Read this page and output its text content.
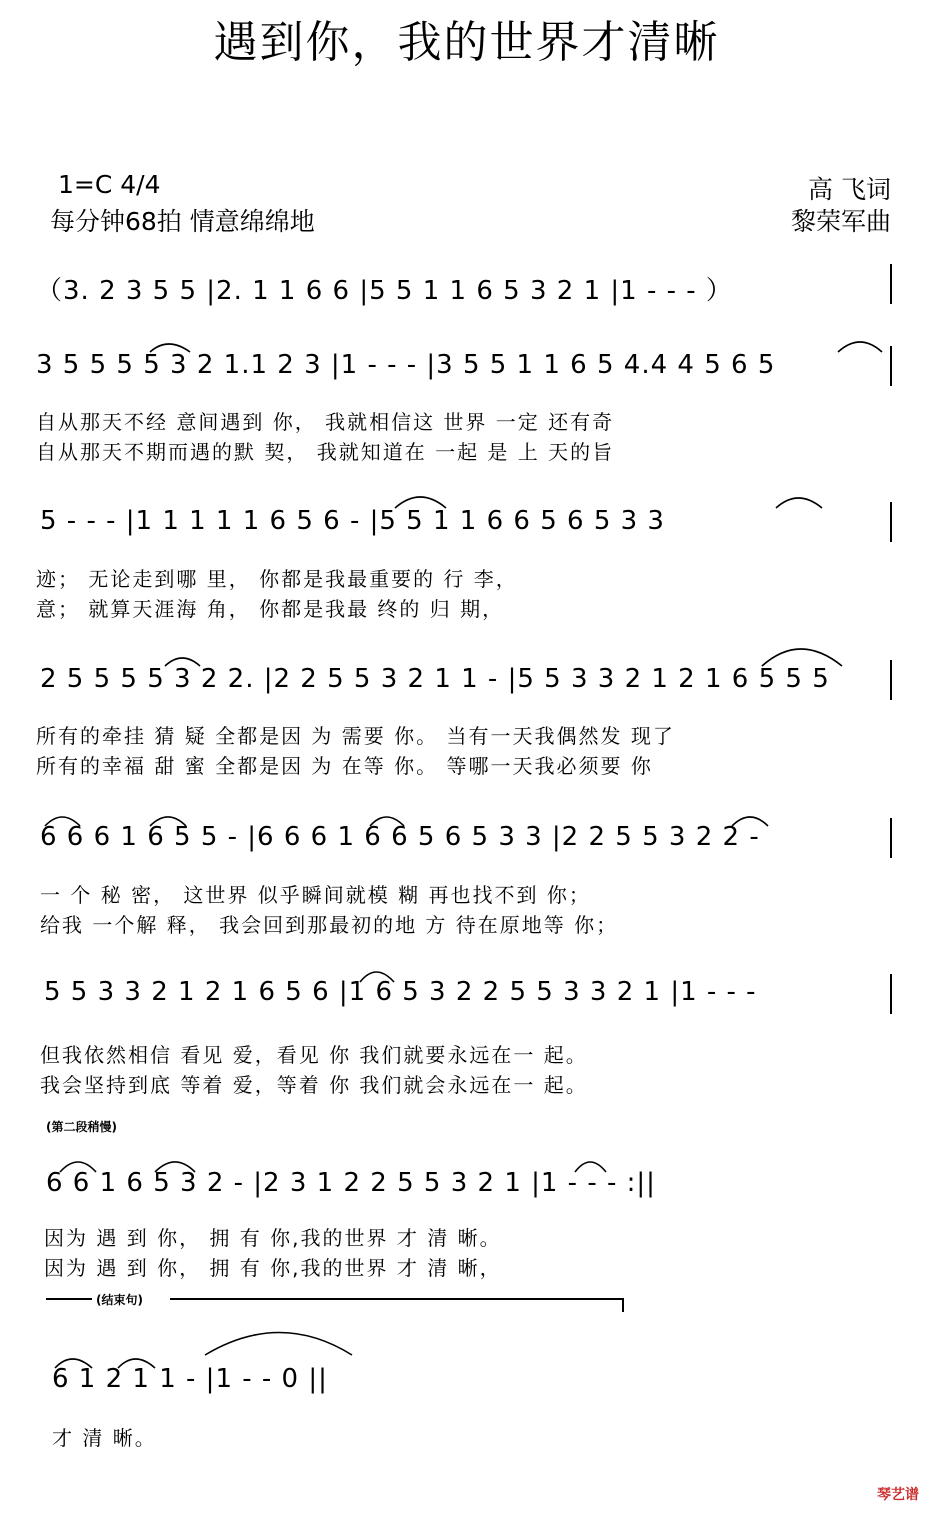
遇到你，我的世界才清晰
1=C 4/4
每分钟68拍 情意绵绵地
高 飞词
黎荣军曲
（3. 2 3 5 5 |2. 1 1 6 6 |5 5 1 1 6 5 3 2 1 |1 - - - ）
3 5 5 5 5 3 2 1.1 2 3 |1 - - - |3 5 5 1 1 6 5 4.4 4 5 6 5
自从那天不经 意间遇到 你， 我就相信这 世界 一定 还有奇
自从那天不期而遇的默 契， 我就知道在 一起 是 上 天的旨
5 - - - |1 1 1 1 1 6 5 6 - |5 5 1 1 6 6 5 6 5 3 3
迹； 无论走到哪 里， 你都是我最重要的 行 李，
意； 就算天涯海 角， 你都是我最 终的 归 期，
2 5 5 5 5 3 2 2. |2 2 5 5 3 2 1 1 - |5 5 3 3 2 1 2 1 6 5 5 5
所有的牵挂 猜 疑 全都是因 为 需要 你。 当有一天我偶然发 现了
所有的幸福 甜 蜜 全都是因 为 在等 你。 等哪一天我必须要 你
6 6 6 1 6 5 5 - |6 6 6 1 6 6 5 6 5 3 3 |2 2 5 5 3 2 2 -
一 个 秘 密， 这世界 似乎瞬间就模 糊 再也找不到 你；
给我 一个解 释， 我会回到那最初的地 方 待在原地等 你；
5 5 3 3 2 1 2 1 6 5 6 |1 6 5 3 2 2 5 5 3 3 2 1 |1 - - -
但我依然相信 看见 爱，看见 你 我们就要永远在一 起。
我会坚持到底 等着 爱，等着 你 我们就会永远在一 起。
(第二段稍慢)
6 6 1 6 5 3 2 - |2 3 1 2 2 5 5 3 2 1 |1 - - - :||
因为 遇 到 你， 拥 有 你,我的世界 才 清 晰。
因为 遇 到 你， 拥 有 你,我的世界 才 清 晰，
(结束句)
6 1 2 1 1 - |1 - - 0 ||
才 清 晰。
琴艺谱
